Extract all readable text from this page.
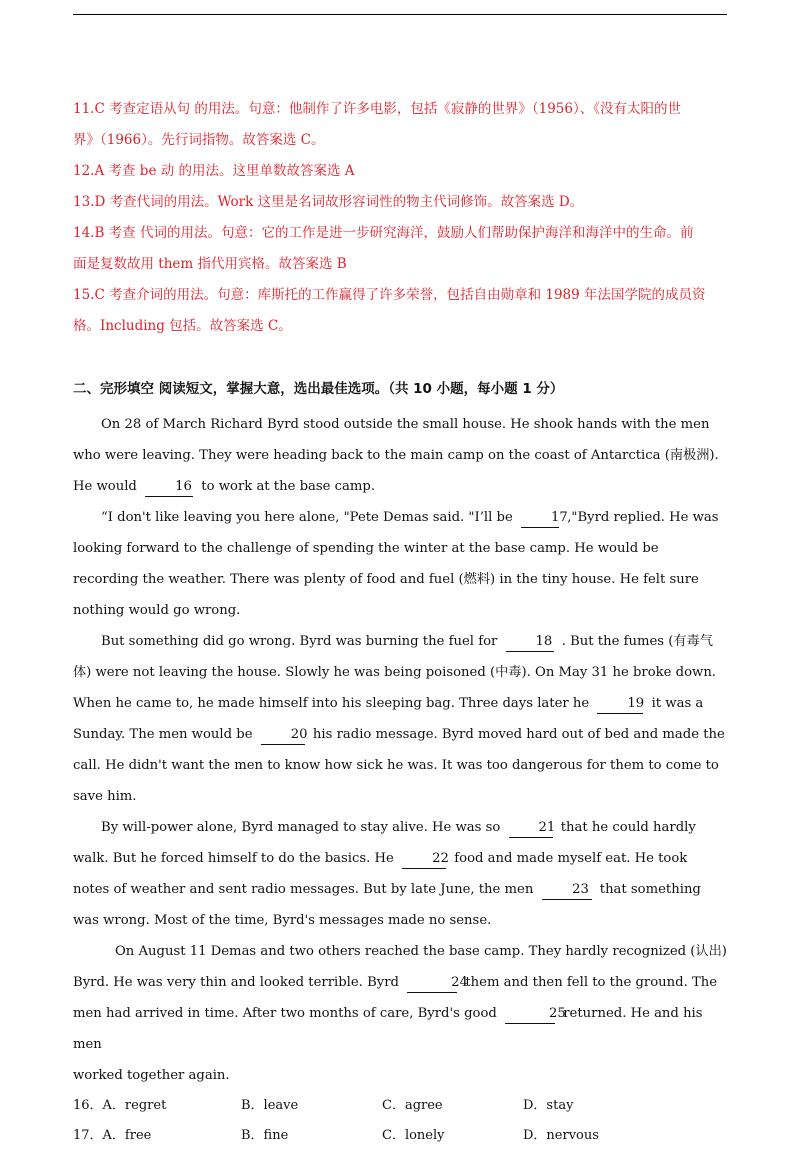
11.C 考查定语从句 的用法。句意：他制作了许多电影，包括《寂静的世界》（1956）、《没有太阳的世

界》（1966）。先行词指物。故答案选 C。

12.A 考查 be 动 的用法。这里单数故答案选 A

13.D 考查代词的用法。Work 这里是名词故形容词性的物主代词修饰。故答案选 D。

14.B 考查 代词的用法。句意：它的工作是进一步研究海洋，鼓励人们帮助保护海洋和海洋中的生命。前

面是复数故用 them 指代用宾格。故答案选 B

15.C 考查介词的用法。句意：库斯托的工作赢得了许多荣誉，包括自由勋章和 1989 年法国学院的成员资

格。Including 包括。故答案选 C。

二、完形填空 阅读短文，掌握大意，选出最佳选项。（共 10 小题，每小题 1 分）

On 28 of March Richard Byrd stood outside the small house. He shook hands with the men who were leaving. They were heading back to the main camp on the coast of Antarctica (南极洲). He would	16 to work at the base camp.

“I don't like leaving you here alone, "Pete Demas said. "I’ll be	17 ,"Byrd replied. He was looking forward to the challenge of spending the winter at the base camp. He would be recording the weather. There was plenty of food and fuel (燃料) in the tiny house. He felt sure nothing would go wrong.

But something did go wrong. Byrd was burning the fuel for	18 . But the fumes (有毒气体) were not leaving the house. Slowly he was being poisoned (中毒). On May 31 he broke down. When he came to, he made himself into his sleeping bag. Three days later he	19 it was a Sunday. The men would be	20 his radio message. Byrd moved hard out of bed and made the call. He didn't want the men to know how sick he was. It was too dangerous for them to come to save him.

By will-power alone, Byrd managed to stay alive. He was so	21 that he could hardly walk. But he forced himself to do the basics. He	22 food and made myself eat. He took notes of weather and sent radio messages. But by late June, the men	23 that something was wrong. Most of the time, Byrd's messages made no sense.

On August 11 Demas and two others reached the base camp. They hardly recognized (认出) Byrd. He was very thin and looked terrible. Byrd	24 them and then fell to the ground. The men had arrived in time. After two months of care, Byrd's good	25 returned. He and his men

worked together again.

16．A．regret	B．leave	C．agree	D．stay
17．A．free	B．fine	C．lonely	D．nervous
